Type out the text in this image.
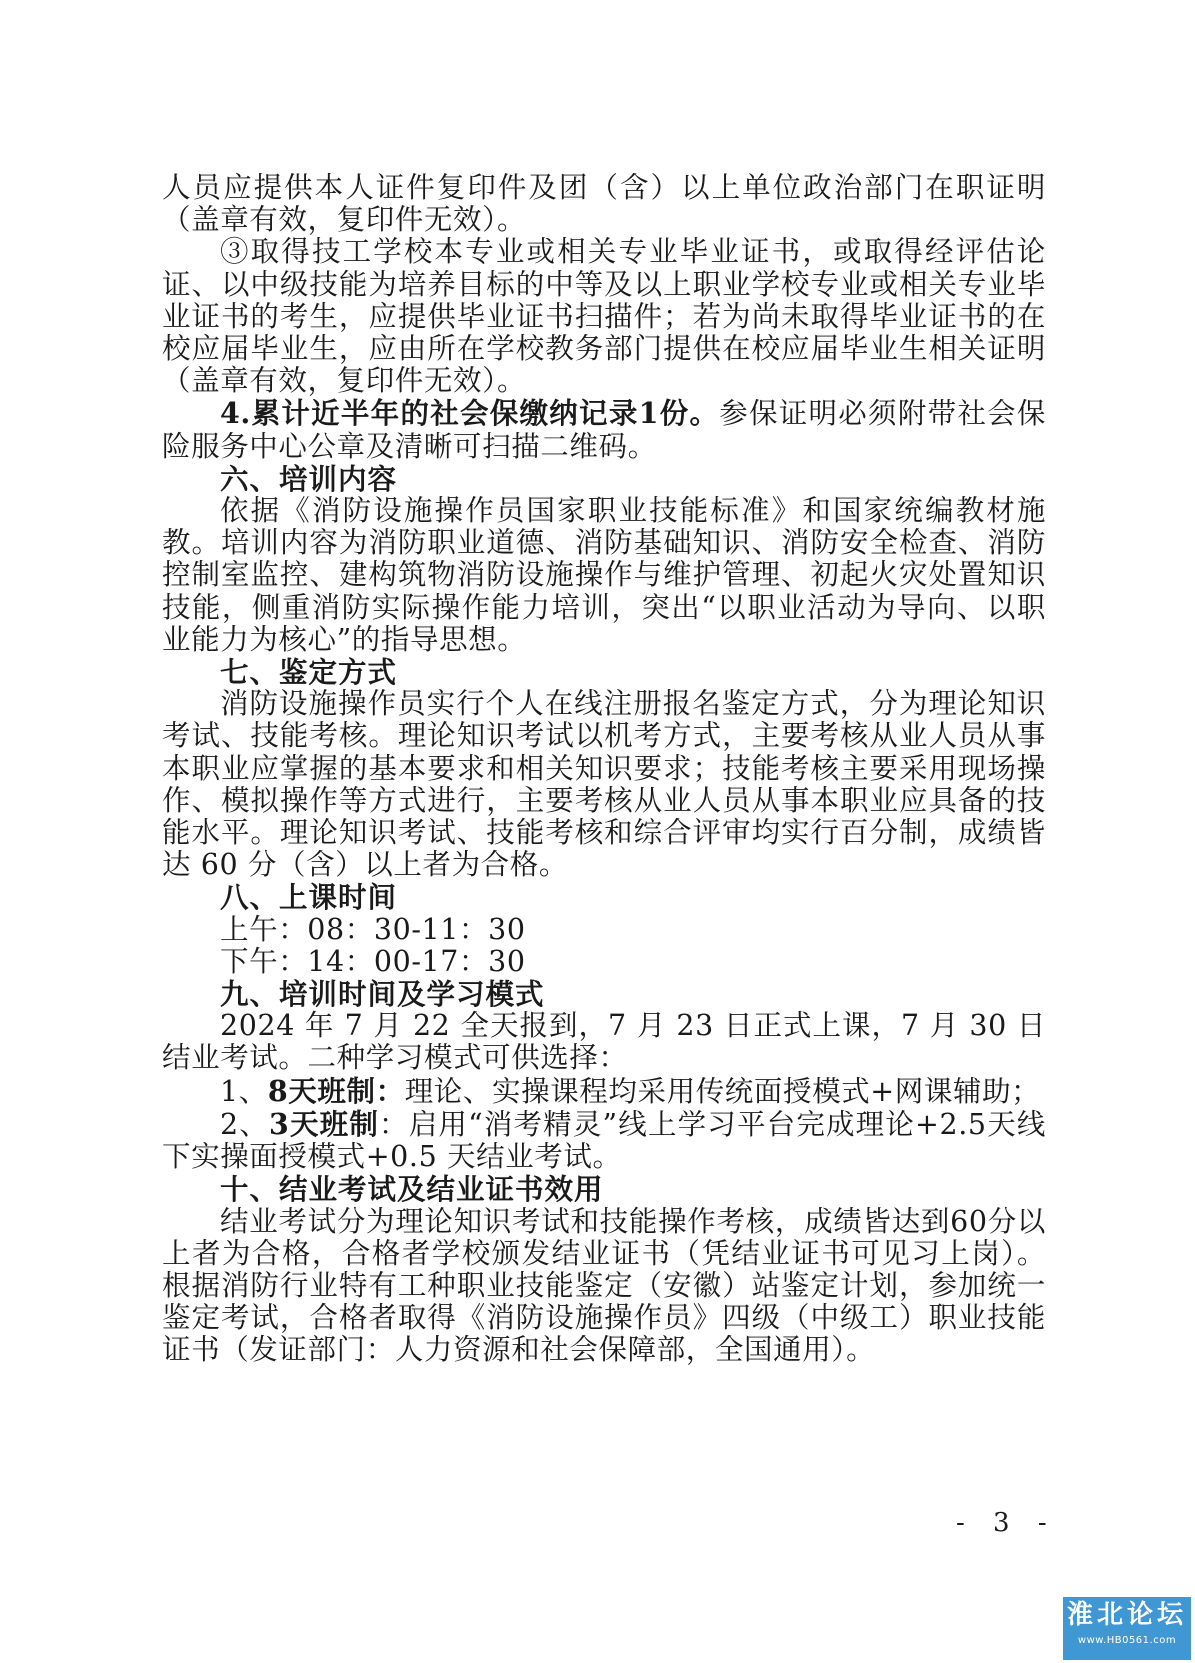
人员应提供本人证件复印件及团（含）以上单位政治部门在职证明（盖章有效，复印件无效）。

③取得技工学校本专业或相关专业毕业证书，或取得经评估论证、以中级技能为培养目标的中等及以上职业学校专业或相关专业毕业证书的考生，应提供毕业证书扫描件；若为尚未取得毕业证书的在校应届毕业生，应由所在学校教务部门提供在校应届毕业生相关证明（盖章有效，复印件无效）。

4.累计近半年的社会保缴纳记录1份。参保证明必须附带社会保险服务中心公章及清晰可扫描二维码。

六、培训内容

依据《消防设施操作员国家职业技能标准》和国家统编教材施教。培训内容为消防职业道德、消防基础知识、消防安全检查、消防控制室监控、建构筑物消防设施操作与维护管理、初起火灾处置知识技能，侧重消防实际操作能力培训，突出“以职业活动为导向、以职业能力为核心”的指导思想。

七、鉴定方式

消防设施操作员实行个人在线注册报名鉴定方式，分为理论知识考试、技能考核。理论知识考试以机考方式，主要考核从业人员从事本职业应掌握的基本要求和相关知识要求；技能考核主要采用现场操作、模拟操作等方式进行，主要考核从业人员从事本职业应具备的技能水平。理论知识考试、技能考核和综合评审均实行百分制，成绩皆达 60 分（含）以上者为合格。

八、上课时间

上午：08：30-11：30

下午：14：00-17：30

九、培训时间及学习模式

2024 年 7 月 22 全天报到，7 月 23 日正式上课，7 月 30 日结业考试。二种学习模式可供选择：

1、8天班制：理论、实操课程均采用传统面授模式+网课辅助；

2、3天班制：启用“消考精灵”线上学习平台完成理论+2.5天线下实操面授模式+0.5 天结业考试。

十、结业考试及结业证书效用

结业考试分为理论知识考试和技能操作考核，成绩皆达到60分以上者为合格，合格者学校颁发结业证书（凭结业证书可见习上岗）。根据消防行业特有工种职业技能鉴定（安徽）站鉴定计划，参加统一鉴定考试，合格者取得《消防设施操作员》四级（中级工）职业技能证书（发证部门：人力资源和社会保障部，全国通用）。

- 3 -
淮北论坛
www.HB0561.com
